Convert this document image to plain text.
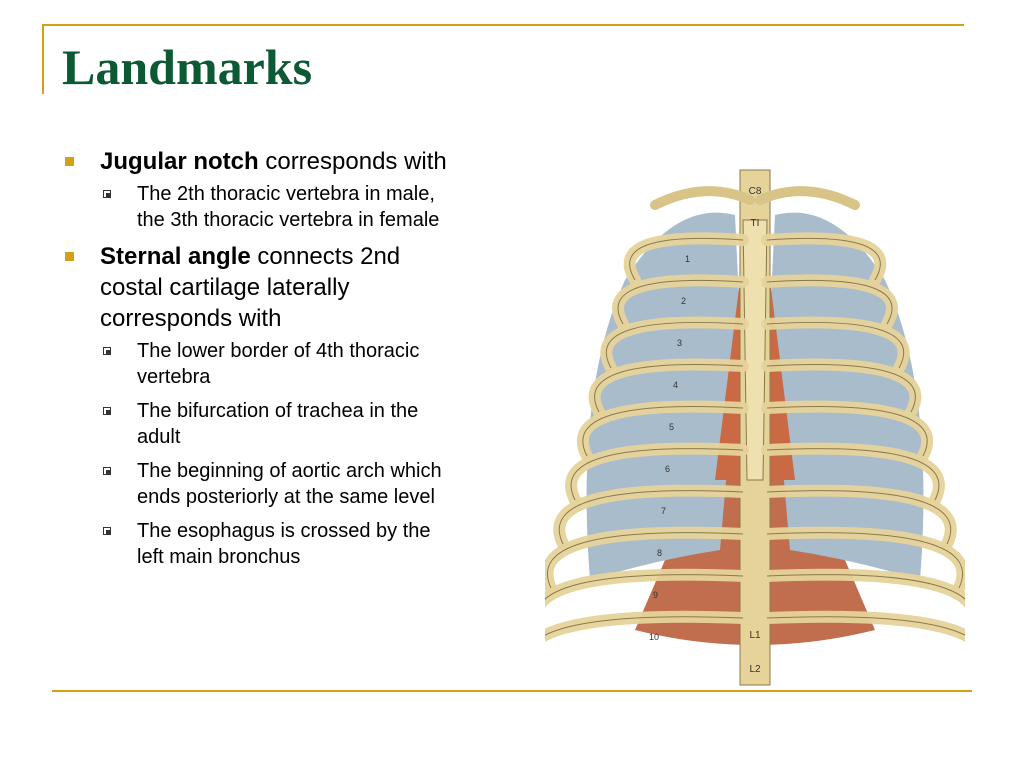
Landmarks
Jugular notch corresponds with
The 2th thoracic vertebra in male,
the 3th thoracic vertebra in female
Sternal angle connects 2nd
costal cartilage laterally
corresponds with
The lower border of 4th thoracic
vertebra
The bifurcation of trachea in the
adult
The beginning of aortic arch which
ends posteriorly at the same level
The esophagus is crossed by the
left main bronchus
1
2
3
4
5
6
7
8
9
10
C8
TI
L1
L2
